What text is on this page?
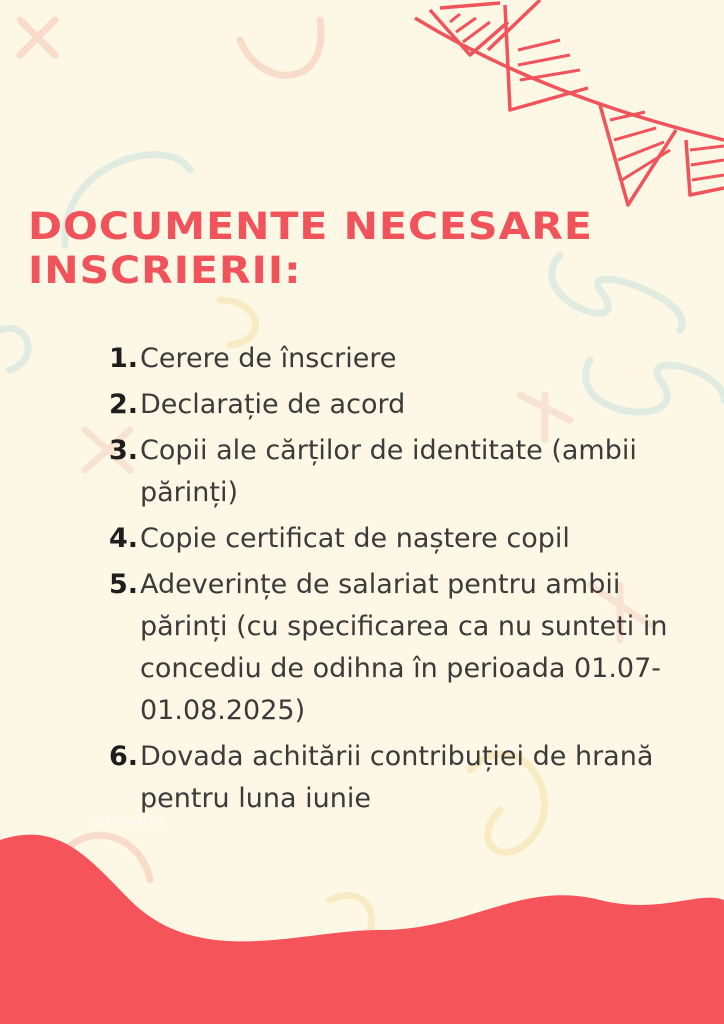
DOCUMENTE NECESARE INSCRIERII:
1. Cerere de înscriere
2. Declarație de acord
3. Copii ale cărților de identitate (ambii părinți)
4. Copie certificat de naștere copil
5. Adeverințe de salariat pentru ambii părinți (cu specificarea ca nu sunteti in concediu de odihna în perioada 01.07-01.08.2025)
6. Dovada achitării contribuției de hrană pentru luna iunie
PER MONTH
